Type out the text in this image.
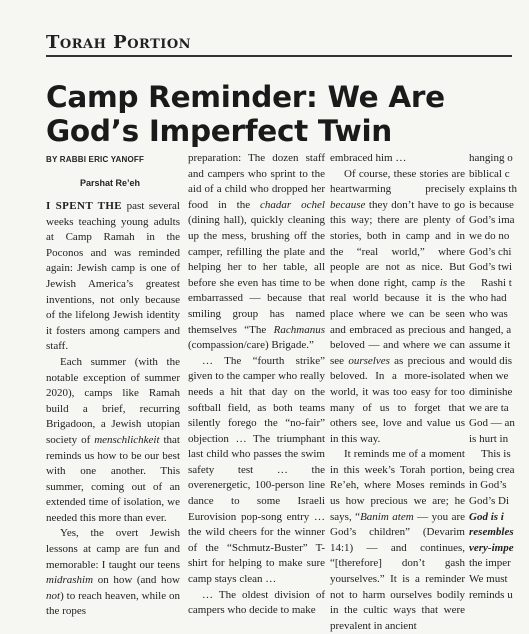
Torah Portion
Camp Reminder: We Are God’s Imperfect Twin
BY RABBI ERIC YANOFF
Parshat Re’eh

I SPENT THE past several weeks teaching young adults at Camp Ramah in the Poconos and was reminded again: Jewish camp is one of Jewish America’s greatest inventions, not only because of the lifelong Jewish identity it fosters among campers and staff.

Each summer (with the notable exception of summer 2020), camps like Ramah build a brief, recurring Brigadoon, a Jewish utopian society of menschlichkeit that reminds us how to be our best with one another. This summer, coming out of an extended time of isolation, we needed this more than ever.

Yes, the overt Jewish lessons at camp are fun and memorable: I taught our teens midrashim on how (and how not) to reach heaven, while on the ropes

preparation: The dozen staff and campers who sprint to the aid of a child who dropped her food in the chadar ochel (dining hall), quickly cleaning up the mess, brushing off the camper, refilling the plate and helping her to her table, all before she even has time to be embarrassed — because that smiling group has named themselves “The Rachmanus (compassion/care) Brigade.”

… The “fourth strike” given to the camper who really needs a hit that day on the softball field, as both teams silently forego the “no-fair” objection … The triumphant last child who passes the swim safety test … the overenergetic, 100-person line dance to some Israeli Eurovision pop-song entry … the wild cheers for the winner of the “Schmutz-Buster” T-shirt for helping to make sure camp stays clean …

… The oldest division of campers who decide to make

embraced him …

Of course, these stories are heartwarming precisely because they don’t have to go this way; there are plenty of stories, both in camp and in the “real world,” where people are not as nice. But when done right, camp is the real world because it is the place where we can be seen and embraced as precious and beloved — and where we can see ourselves as precious and beloved. In a more-isolated world, it was too easy for too many of us to forget that others see, love and value us in this way.

It reminds me of a moment in this week’s Torah portion, Re’eh, where Moses reminds us how precious we are; he says, “Banim atem — you are God’s children” (Devarim 14:1) — and continues, “[therefore] don’t gash yourselves.” It is a reminder not to harm ourselves bodily in the cultic ways that were prevalent in ancient

hanging o

biblical c

explains th

is because

God’s ima

we do no

God’s chi

God’s twi

Rashi t

who had

who was

hanged, a

assume it

would dis

when we

diminishe

we are ta

God — an

is hurt in

This is

being crea

in God’s

God’s Di

God is i

resembles

very-impe

the imper

We must

reminds u
